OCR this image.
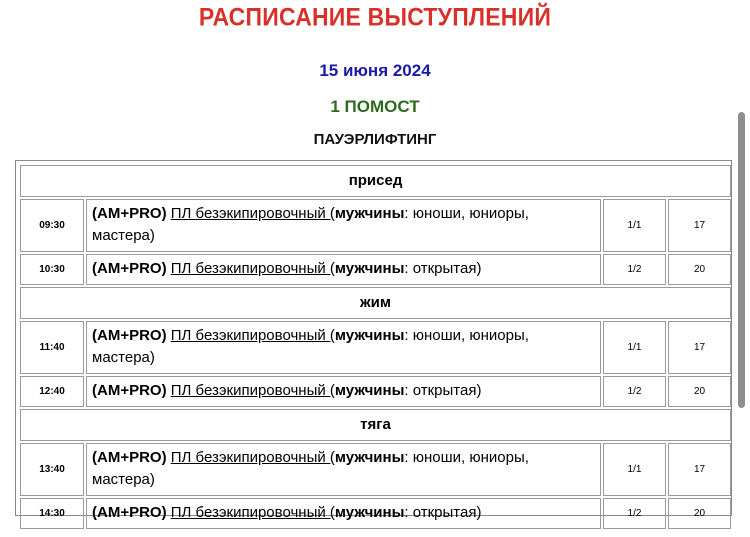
РАСПИСАНИЕ ВЫСТУПЛЕНИЙ
15 июня 2024
1 ПОМОСТ
ПАУЭРЛИФТИНГ
присед			
09:30	(AM+PRO) ПЛ безэкипировочный (мужчины: юноши, юниоры, мастера)	1/1	17
10:30	(AM+PRO) ПЛ безэкипировочный (мужчины: открытая)	1/2	20
жим			
11:40	(AM+PRO) ПЛ безэкипировочный (мужчины: юноши, юниоры, мастера)	1/1	17
12:40	(AM+PRO) ПЛ безэкипировочный (мужчины: открытая)	1/2	20
тяга			
13:40	(AM+PRO) ПЛ безэкипировочный (мужчины: юноши, юниоры, мастера)	1/1	17
14:30	(AM+PRO) ПЛ безэкипировочный (мужчины: открытая)	1/2	20
